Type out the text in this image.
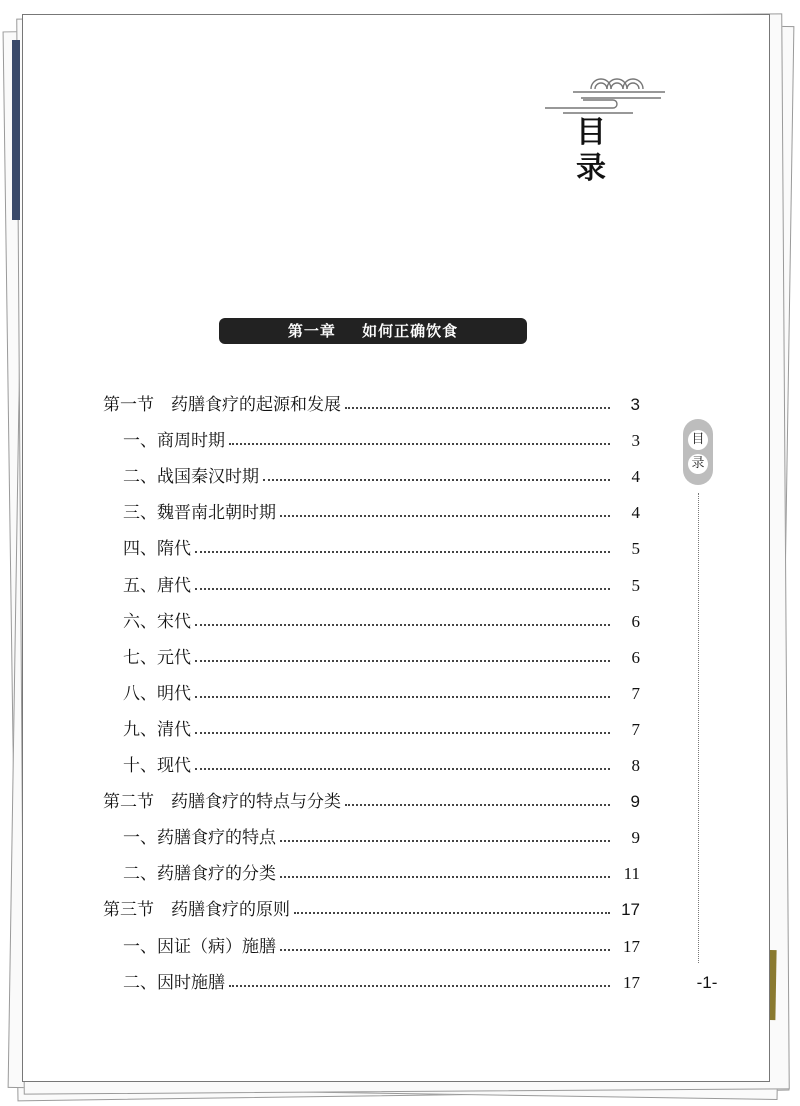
目
录
第一章 如何正确饮食
第一节　药膳食疗的起源和发展	3
一、商周时期	3
二、战国秦汉时期	4
三、魏晋南北朝时期	4
四、隋代	5
五、唐代	5
六、宋代	6
七、元代	6
八、明代	7
九、清代	7
十、现代	8
第二节　药膳食疗的特点与分类	9
一、药膳食疗的特点	9
二、药膳食疗的分类	11
第三节　药膳食疗的原则	17
一、因证（病）施膳	17
二、因时施膳	17
目
录
-1-
